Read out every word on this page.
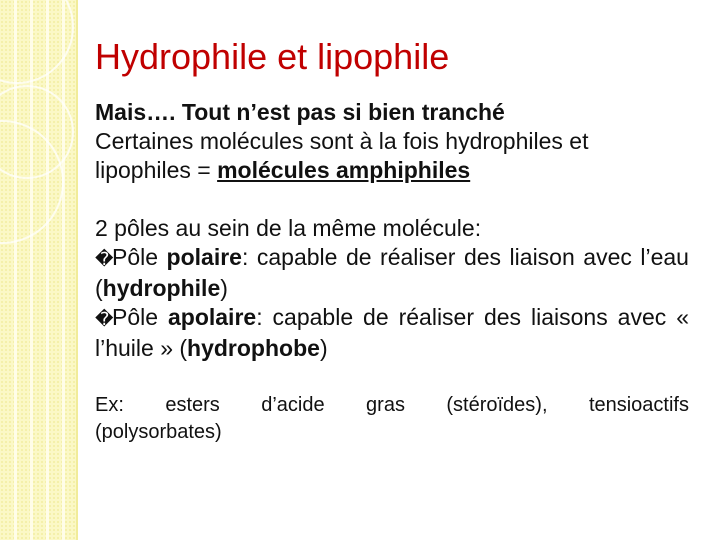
Hydrophile et lipophile

Mais…. Tout n’est pas si bien tranché

Certaines molécules sont à la fois hydrophiles et
lipophiles = molécules amphiphiles

2 pôles au sein de la même molécule:

�Pôle polaire: capable de réaliser des liaison avec l’eau (hydrophile)

�Pôle apolaire: capable de réaliser des liaisons avec « l’huile » (hydrophobe)

Ex: esters d’acide gras (stéroïdes), tensioactifs
(polysorbates)
